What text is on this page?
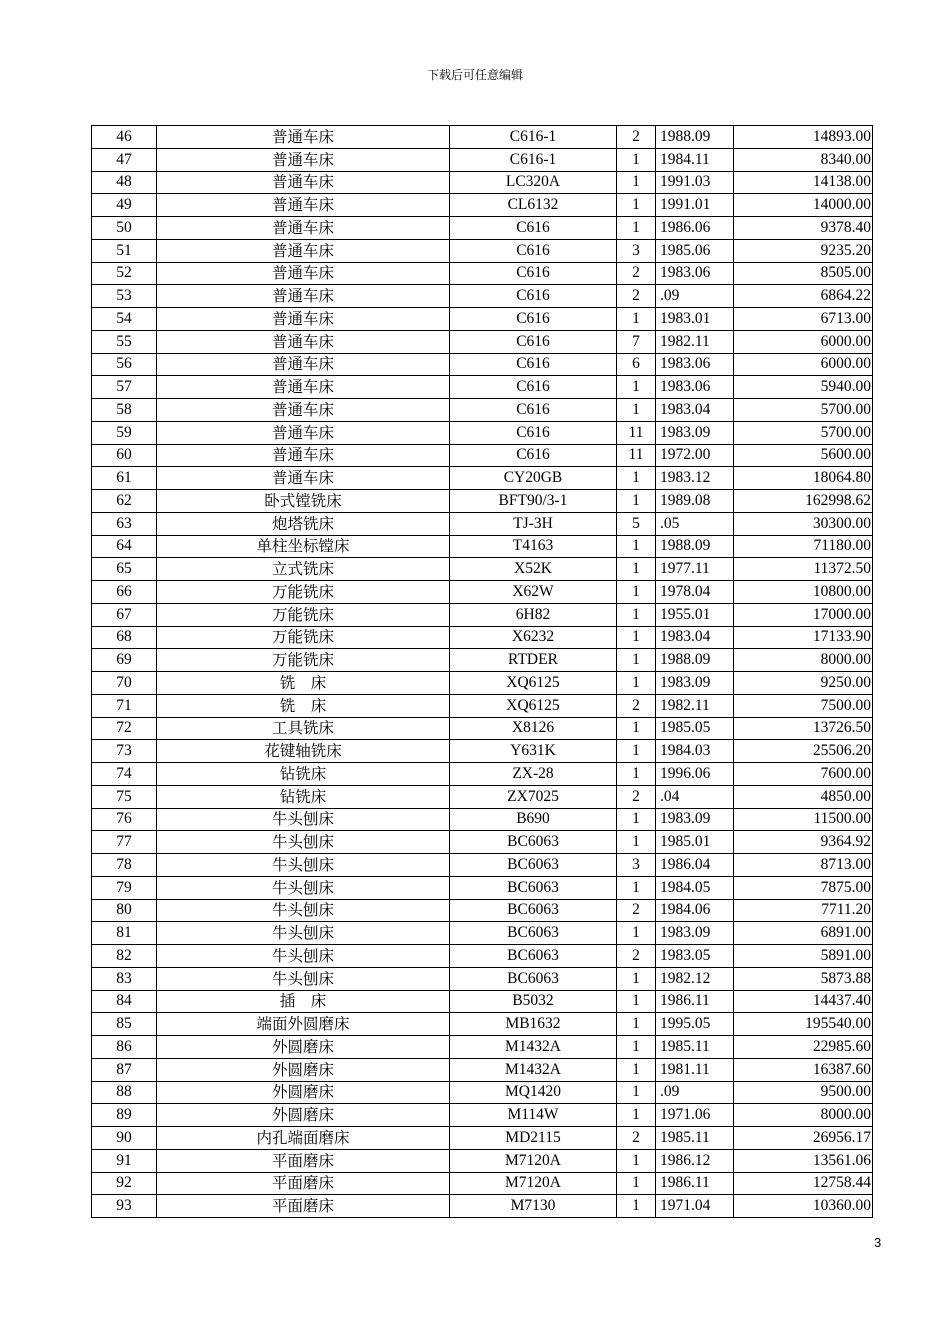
下载后可任意编辑
46	普通车床	C616-1	2	1988.09	14893.00
47	普通车床	C616-1	1	1984.11	8340.00
48	普通车床	LC320A	1	1991.03	14138.00
49	普通车床	CL6132	1	1991.01	14000.00
50	普通车床	C616	1	1986.06	9378.40
51	普通车床	C616	3	1985.06	9235.20
52	普通车床	C616	2	1983.06	8505.00
53	普通车床	C616	2	.09	6864.22
54	普通车床	C616	1	1983.01	6713.00
55	普通车床	C616	7	1982.11	6000.00
56	普通车床	C616	6	1983.06	6000.00
57	普通车床	C616	1	1983.06	5940.00
58	普通车床	C616	1	1983.04	5700.00
59	普通车床	C616	11	1983.09	5700.00
60	普通车床	C616	11	1972.00	5600.00
61	普通车床	CY20GB	1	1983.12	18064.80
62	卧式镗铣床	BFT90/3-1	1	1989.08	162998.62
63	炮塔铣床	TJ-3H	5	.05	30300.00
64	单柱坐标镗床	T4163	1	1988.09	71180.00
65	立式铣床	X52K	1	1977.11	11372.50
66	万能铣床	X62W	1	1978.04	10800.00
67	万能铣床	6H82	1	1955.01	17000.00
68	万能铣床	X6232	1	1983.04	17133.90
69	万能铣床	RTDER	1	1988.09	8000.00
70	铣　床	XQ6125	1	1983.09	9250.00
71	铣　床	XQ6125	2	1982.11	7500.00
72	工具铣床	X8126	1	1985.05	13726.50
73	花键轴铣床	Y631K	1	1984.03	25506.20
74	钻铣床	ZX-28	1	1996.06	7600.00
75	钻铣床	ZX7025	2	.04	4850.00
76	牛头刨床	B690	1	1983.09	11500.00
77	牛头刨床	BC6063	1	1985.01	9364.92
78	牛头刨床	BC6063	3	1986.04	8713.00
79	牛头刨床	BC6063	1	1984.05	7875.00
80	牛头刨床	BC6063	2	1984.06	7711.20
81	牛头刨床	BC6063	1	1983.09	6891.00
82	牛头刨床	BC6063	2	1983.05	5891.00
83	牛头刨床	BC6063	1	1982.12	5873.88
84	插　床	B5032	1	1986.11	14437.40
85	端面外圆磨床	MB1632	1	1995.05	195540.00
86	外圆磨床	M1432A	1	1985.11	22985.60
87	外圆磨床	M1432A	1	1981.11	16387.60
88	外圆磨床	MQ1420	1	.09	9500.00
89	外圆磨床	M114W	1	1971.06	8000.00
90	内孔端面磨床	MD2115	2	1985.11	26956.17
91	平面磨床	M7120A	1	1986.12	13561.06
92	平面磨床	M7120A	1	1986.11	12758.44
93	平面磨床	M7130	1	1971.04	10360.00
3
